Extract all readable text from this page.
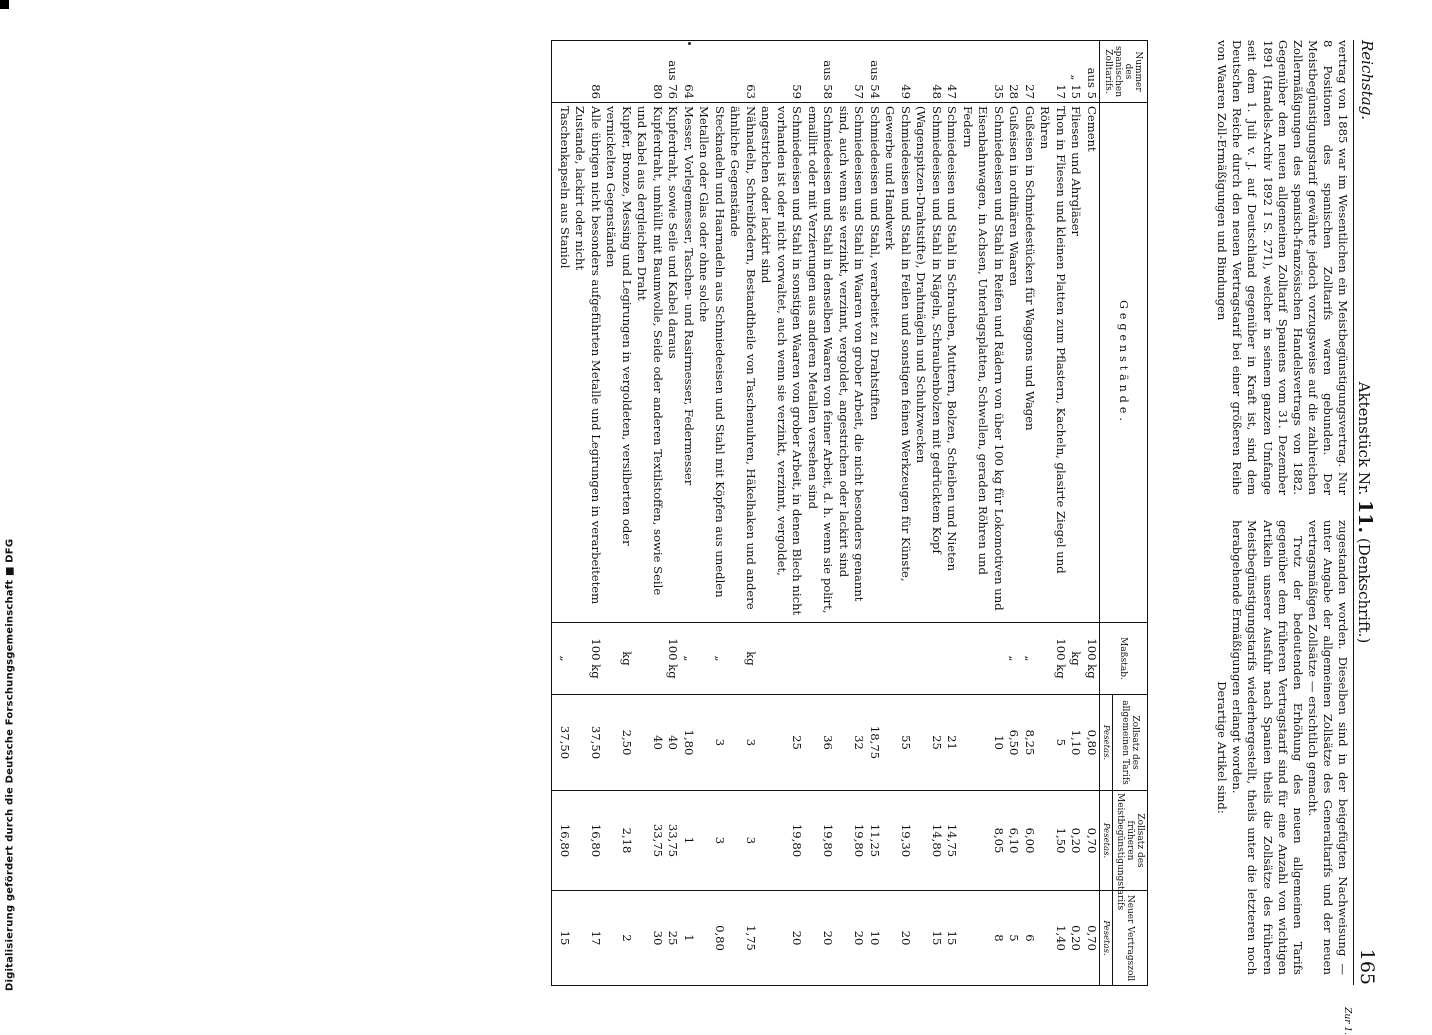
Digitalisierung gefördert durch die Deutsche Forschungsgemeinschaft ■ DFG
Reichstag.
Aktenstück Nr. 11. (Denkschrift.)
165
Zur 1.
vertrag von 1885 war im Wesentlichen ein Meistbegünstigungsvertrag. Nur 8 Positionen des spanischen Zolltarifs waren gebunden. Der Meistbegünstigungstarif gewährte jedoch vorzugsweise auf die zahlreichen Zollermäßigungen des spanisch-französischen Handelsvertrags von 1882. Gegenüber dem neuen allgemeinen Zolltarif Spaniens vom 31. Dezember 1891 (Handels-Archiv 1892 I S. 271), welcher in seinem ganzen Umfange seit dem 1. Juli v. J. auf Deutschland gegenüber in Kraft ist, sind dem Deutschen Reiche durch den neuen Vertragstarif bei einer größeren Reihe von Waaren Zoll-Ermäßigungen und Bindungen
zugestanden worden. Dieselben sind in der beigefügten Nachweisung — unter Angabe der allgemeinen Zollsätze des Generaltarifs und der neuen vertragsmäßigen Zollsätze — ersichtlich gemacht.
Trotz der bedeutenden Erhöhung des neuen allgemeinen Tarifs gegenüber dem früheren Vertragstarif sind für eine Anzahl von wichtigen Artikeln unserer Ausfuhr nach Spanien theils die Zollsätze des früheren Meistbegünstigungstarifs wiederhergestellt, theils unter die letzteren noch herabgehende Ermäßigungen erlangt worden.
Derartige Artikel sind:
Nummer des spanischen Zolltarifs.	Gegenstände.	Maßstab.	Zollsatz des allgemeinen Tarifs	Zollsatz des früheren Meistbegünstigungstarifs	Neuer Vertragszoll
			Pesetas.	Pesetas.	Pesetas.
aus 5	Cement	100 kg	0,80	0,70	0,70
„ 15	Fliesen und Ahrgläser	kg	1,10	0,20	0,20
17	Thon in Fliesen und kleinen Platten zum Pflastern, Kacheln, glasirte Ziegel und Röhren	100 kg	5	1,50	1,40
27	Gußeisen in Schmiedestücken für Waggons und Wagen	„	8,25	6,00	6
28	Gußeisen in ordinären Waaren	„	6,50	6,10	5
35	Schmiedeeisen und Stahl in Reifen und Rädern von über 100 kg für Lokomotiven und Eisenbahnwagen, in Achsen, Unterlagsplatten, Schwellen, geraden Röhren und Federn		10	8,05	8
47	Schmiedeeisen und Stahl in Schrauben, Muttern, Bolzen, Scheiben und Nieten		21	14,75	15
48	Schmiedeeisen und Stahl in Nägeln, Schraubenbolzen mit gedrücktem Kopf (Wagenspitzen-Drahtstifte), Drahtnägeln und Schuhzwecken		25	14,80	15
49	Schmiedeeisen und Stahl in Feilen und sonstigen feinen Werkzeugen für Künste, Gewerbe und Handwerk		55	19,30	20
aus 54	Schmiedeeisen und Stahl, verarbeitet zu Drahtstiften		18,75	11,25	10
57	Schmiedeeisen und Stahl in Waaren von grober Arbeit, die nicht besonders genannt sind, auch wenn sie verzinkt, verzinnt, vergoldet, angestrichen oder lackirt sind		32	19,80	20
aus 58	Schmiedeeisen und Stahl in denselben Waaren von feiner Arbeit, d. h. wenn sie polirt, emaillirt oder mit Verzierungen aus anderen Metallen versehen sind		36	19,80	20
59	Schmiedeeisen und Stahl in sonstigen Waaren von grober Arbeit, in denen Blech nicht vorhanden ist oder nicht vorwaltet, auch wenn sie verzinkt, verzinnt, vergoldet, angestrichen oder lackirt sind		25	19,80	20
63	Nähnadeln, Schreibfedern, Bestandtheile von Taschenuhren, Häkelhaken und andere ähnliche Gegenstände	kg	3	3	1,75
	Stecknadeln und Haarnadeln aus Schmiedeeisen und Stahl mit Köpfen aus unedlen Metallen oder Glas oder ohne solche	„	3	3	0,80
64	Messer, Vorlegemesser, Taschen- und Rasirmesser, Federmesser	„	1,80	1	1
aus 76	Kupferdraht, sowie Seile und Kabel daraus	100 kg	40	33,75	25
80	Kupferdraht, umhüllt mit Baumwolle, Seide oder anderen Textilstoffen, sowie Seile und Kabel aus dergleichen Draht		40	33,75	30
	Kupfer, Bronze, Messing und Legirungen in vergoldeten, versilberten oder vernickelten Gegenständen	kg	2,50	2,18	2
86	Alle übrigen nicht besonders aufgeführten Metalle und Legirungen in verarbeitetem Zustande, lackirt oder nicht	100 kg	37,50	16,80	17
	Taschenkapseln aus Staniol	„	37,50	16,80	15
